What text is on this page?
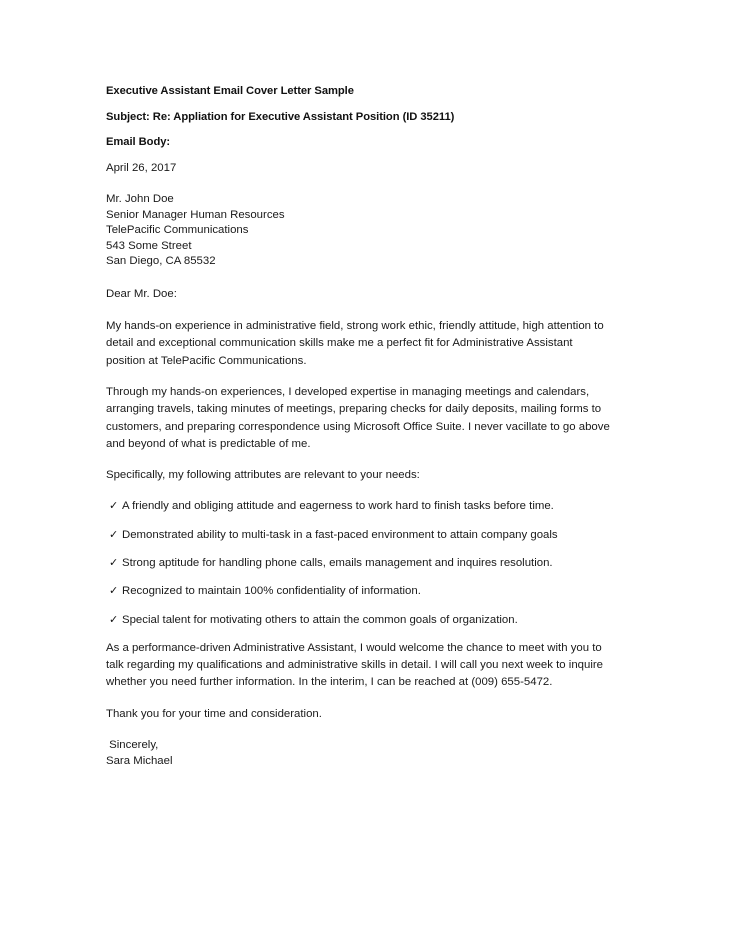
Executive Assistant Email Cover Letter Sample
Subject: Re: Appliation for Executive Assistant Position (ID 35211)
Email Body:
April 26, 2017
Mr. John Doe
Senior Manager Human Resources
TelePacific Communications
543 Some Street
San Diego, CA 85532
Dear Mr. Doe:

My hands-on experience in administrative field, strong work ethic, friendly attitude, high attention to detail and exceptional communication skills make me a perfect fit for Administrative Assistant position at TelePacific Communications.

Through my hands-on experiences, I developed expertise in managing meetings and calendars, arranging travels, taking minutes of meetings, preparing checks for daily deposits, mailing forms to customers, and preparing correspondence using Microsoft Office Suite. I never vacillate to go above and beyond of what is predictable of me.

Specifically, my following attributes are relevant to your needs:

✓ A friendly and obliging attitude and eagerness to work hard to finish tasks before time.
✓ Demonstrated ability to multi-task in a fast-paced environment to attain company goals
✓ Strong aptitude for handling phone calls, emails management and inquires resolution.
✓ Recognized to maintain 100% confidentiality of information.
✓ Special talent for motivating others to attain the common goals of organization.

As a performance-driven Administrative Assistant, I would welcome the chance to meet with you to talk regarding my qualifications and administrative skills in detail. I will call you next week to inquire whether you need further information. In the interim, I can be reached at (009) 655-5472.

Thank you for your time and consideration.

Sincerely,
Sara Michael
